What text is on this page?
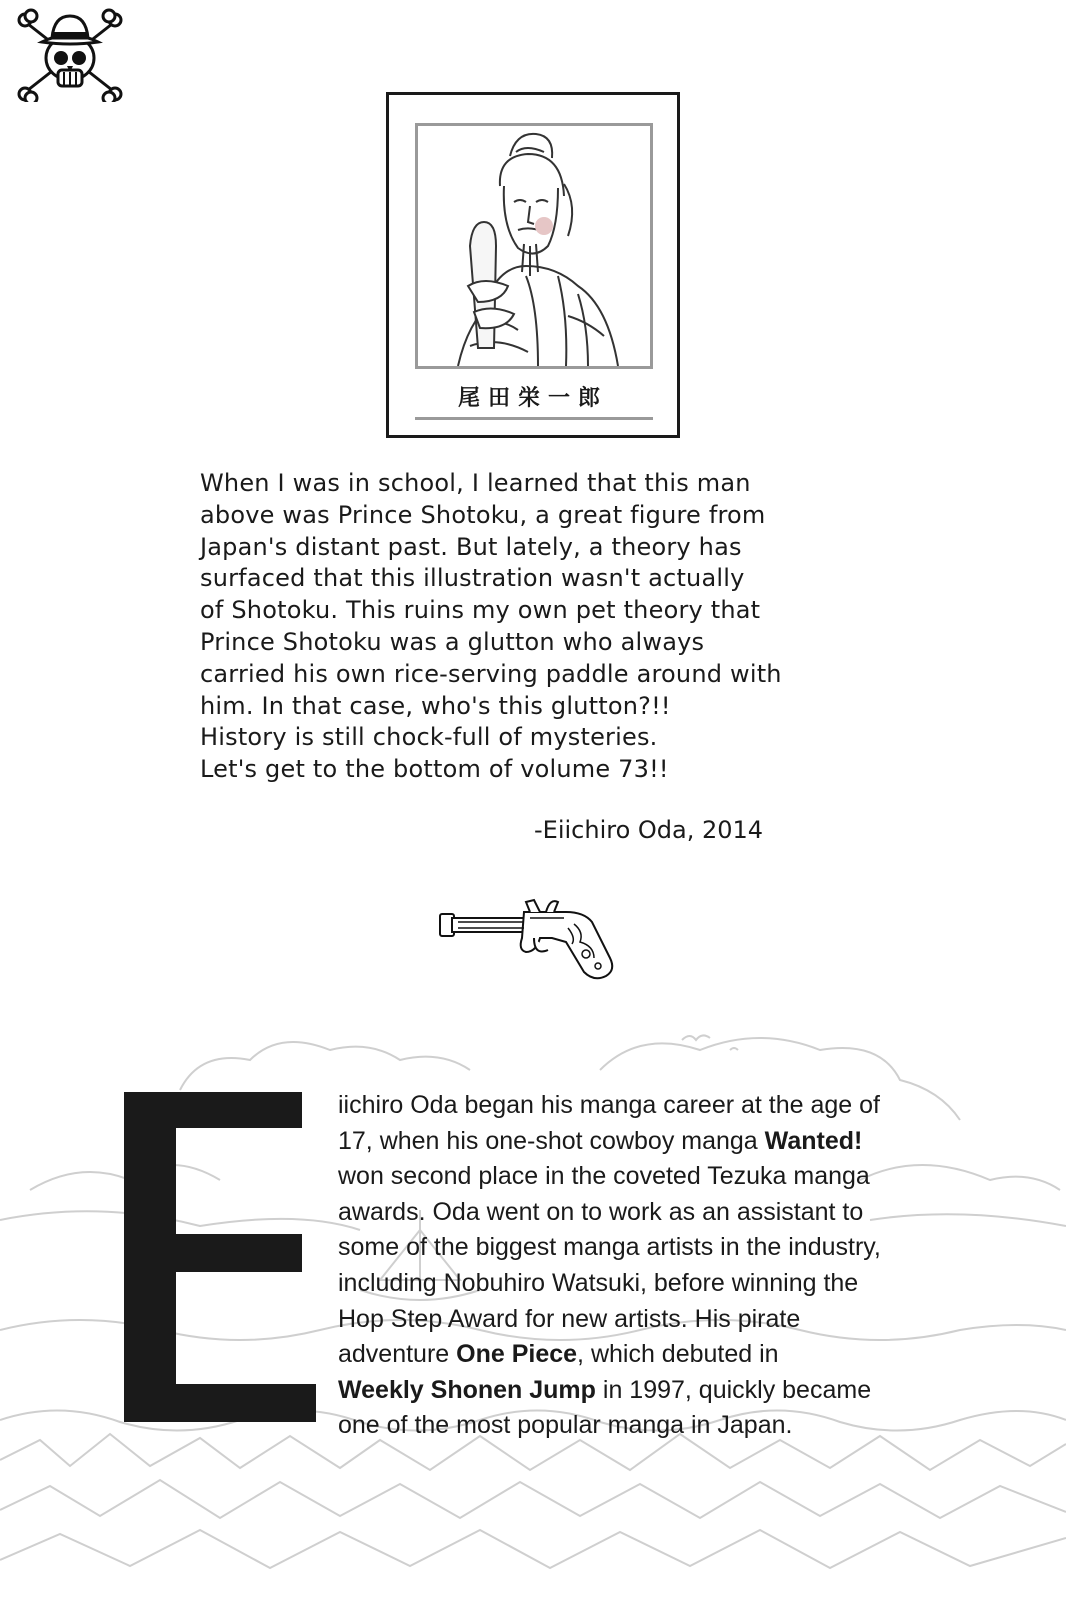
尾田栄一郎
When I was in school, I learned that this man
above was Prince Shotoku, a great figure from
Japan's distant past. But lately, a theory has
surfaced that this illustration wasn't actually
of Shotoku. This ruins my own pet theory that
Prince Shotoku was a glutton who always
carried his own rice-serving paddle around with
him. In that case, who's this glutton?!!
History is still chock-full of mysteries.
Let's get to the bottom of volume 73!!
-Eiichiro Oda, 2014
iichiro Oda began his manga career at the age of
17, when his one-shot cowboy manga Wanted!
won second place in the coveted Tezuka manga
awards. Oda went on to work as an assistant to
some of the biggest manga artists in the industry,
including Nobuhiro Watsuki, before winning the
Hop Step Award for new artists. His pirate
adventure One Piece, which debuted in
Weekly Shonen Jump in 1997, quickly became
one of the most popular manga in Japan.
